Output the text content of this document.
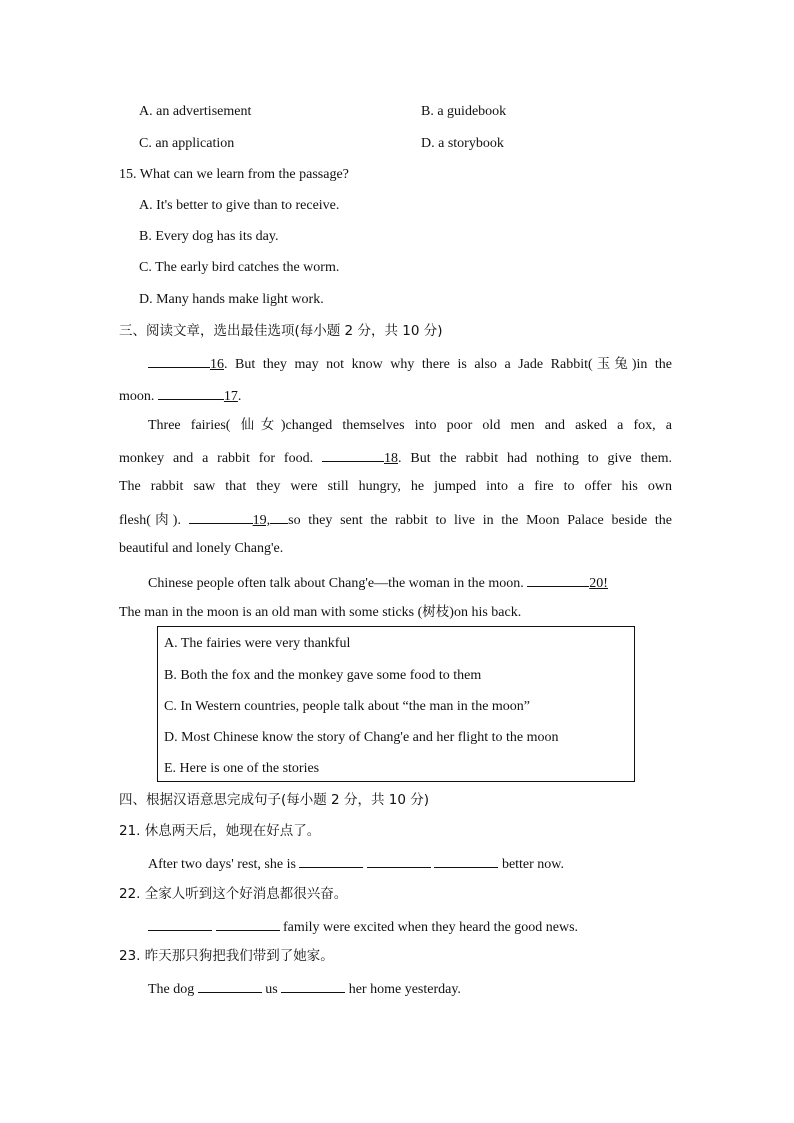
A. an advertisement	B. a guidebook
C. an application	D. a storybook
15. What can we learn from the passage?
A. It's better to give than to receive.
B. Every dog has its day.
C. The early bird catches the worm.
D. Many hands make light work.
三、阅读文章，选出最佳选项(每小题 2 分，共 10 分)
16. But they may not know why there is also a Jade Rabbit(玉兔)in the
moon.	17.
Three fairies( 仙女)changed themselves into poor old men and asked a fox, a
monkey and a rabbit for food.	18. But the rabbit had nothing to give them.
The rabbit saw that they were still hungry, he jumped into a fire to offer his own
flesh(肉).	19, so they sent the rabbit to live in the Moon Palace beside the
beautiful and lonely Chang'e.
Chinese people often talk about Chang'e—the woman in the moon.	20!
The man in the moon is an old man with some sticks (树枝)on his back.
A. The fairies were very thankful
B. Both the fox and the monkey gave some food to them
C. In Western countries, people talk about “the man in the moon”
D. Most Chinese know the story of Chang'e and her flight to the moon
E. Here is one of the stories
四、根据汉语意思完成句子(每小题 2 分，共 10 分)
21. 休息两天后，她现在好点了。
After two days' rest, she is	better now.
22. 全家人听到这个好消息都很兴奋。
family were excited when they heard the good news.
23. 昨天那只狗把我们带到了她家。
The dog	us	her home yesterday.
